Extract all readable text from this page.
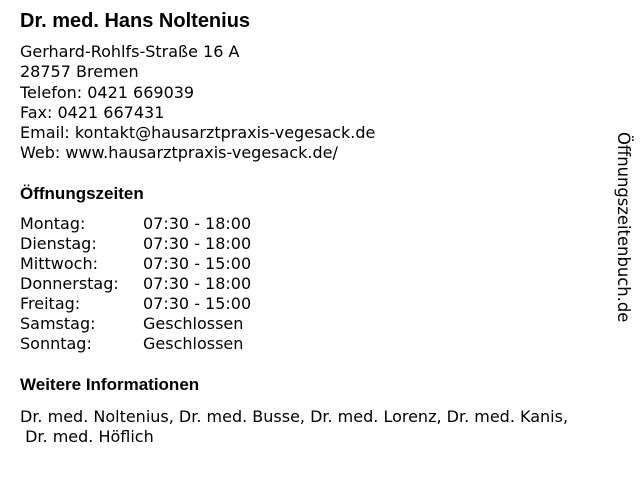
Dr. med. Hans Noltenius
Gerhard-Rohlfs-Straße 16 A
28757 Bremen
Telefon: 0421 669039
Fax: 0421 667431
Email: kontakt@hausarztpraxis-vegesack.de
Web: www.hausarztpraxis-vegesack.de/
Öffnungszeiten
Montag:	07:30 - 18:00
Dienstag:	07:30 - 18:00
Mittwoch:	07:30 - 15:00
Donnerstag: 07:30 - 18:00
Freitag:	07:30 - 15:00
Samstag:	Geschlossen
Sonntag:	Geschlossen
Weitere Informationen
Dr. med. Noltenius, Dr. med. Busse, Dr. med. Lorenz, Dr. med. Kanis,
Dr. med. Höflich
Öffnungszeitenbuch.de
